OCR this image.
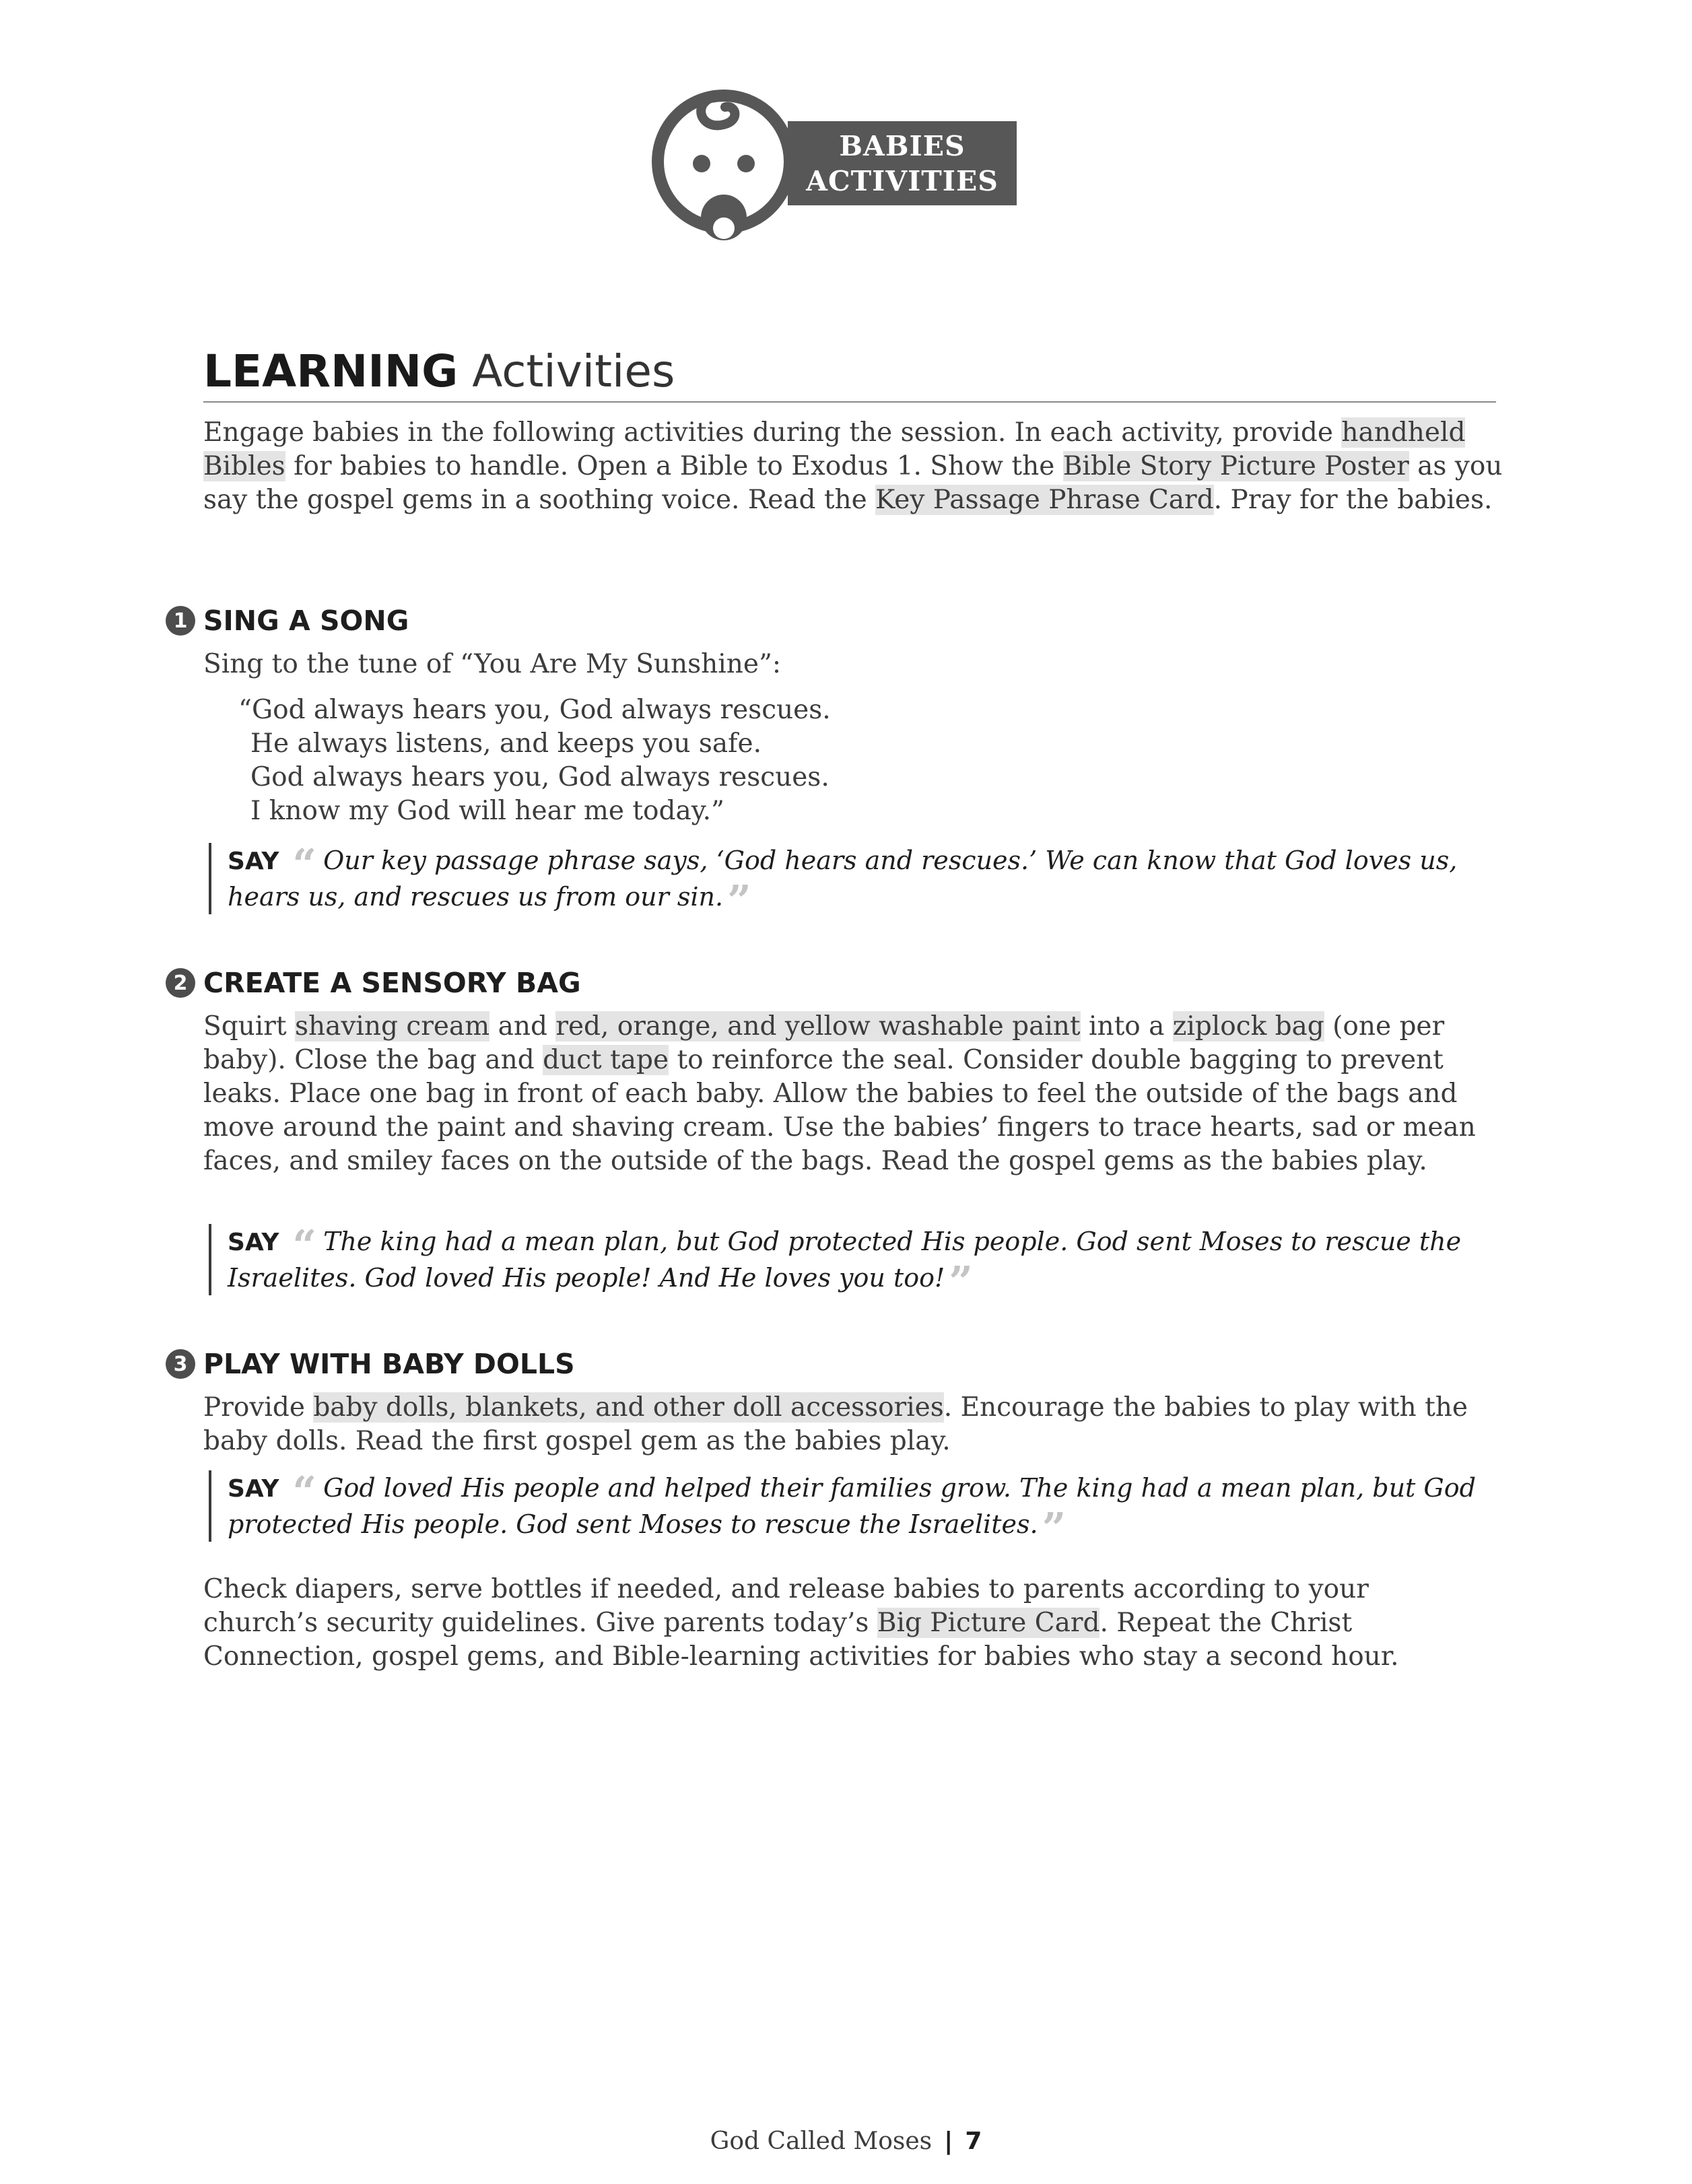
BABIES
ACTIVITIES
LEARNING Activities
Engage babies in the following activities during the session. In each activity, provide handheld Bibles for babies to handle. Open a Bible to Exodus 1. Show the Bible Story Picture Poster as you say the gospel gems in a soothing voice. Read the Key Passage Phrase Card. Pray for the babies.
1 SING A SONG
Sing to the tune of “You Are My Sunshine”:
“God always hears you, God always rescues.
He always listens, and keeps you safe.
God always hears you, God always rescues.
I know my God will hear me today.”
SAY “ Our key passage phrase says, ‘God hears and rescues.’ We can know that God loves us, hears us, and rescues us from our sin.”
2 CREATE A SENSORY BAG
Squirt shaving cream and red, orange, and yellow washable paint into a ziplock bag (one per baby). Close the bag and duct tape to reinforce the seal. Consider double bagging to prevent leaks. Place one bag in front of each baby. Allow the babies to feel the outside of the bags and move around the paint and shaving cream. Use the babies’ fingers to trace hearts, sad or mean faces, and smiley faces on the outside of the bags. Read the gospel gems as the babies play.
SAY “ The king had a mean plan, but God protected His people. God sent Moses to rescue the Israelites. God loved His people! And He loves you too!”
3 PLAY WITH BABY DOLLS
Provide baby dolls, blankets, and other doll accessories. Encourage the babies to play with the baby dolls. Read the first gospel gem as the babies play.
SAY “ God loved His people and helped their families grow. The king had a mean plan, but God protected His people. God sent Moses to rescue the Israelites.”
Check diapers, serve bottles if needed, and release babies to parents according to your church’s security guidelines. Give parents today’s Big Picture Card. Repeat the Christ Connection, gospel gems, and Bible-learning activities for babies who stay a second hour.
God Called Moses | 7
